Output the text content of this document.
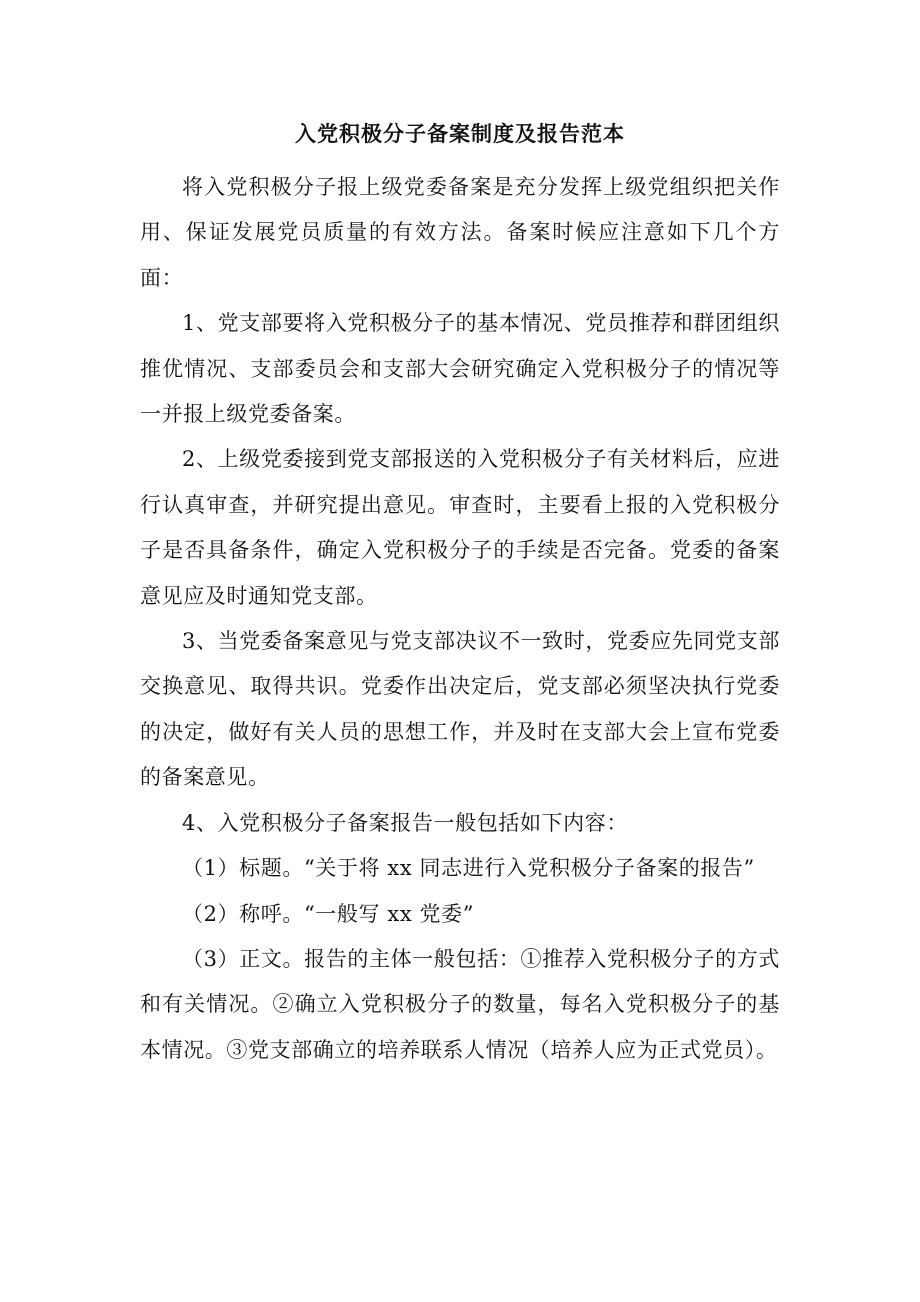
入党积极分子备案制度及报告范本

将入党积极分子报上级党委备案是充分发挥上级党组织把关作用、保证发展党员质量的有效方法。备案时候应注意如下几个方面：

1、党支部要将入党积极分子的基本情况、党员推荐和群团组织推优情况、支部委员会和支部大会研究确定入党积极分子的情况等一并报上级党委备案。

2、上级党委接到党支部报送的入党积极分子有关材料后，应进行认真审查，并研究提出意见。审查时，主要看上报的入党积极分子是否具备条件，确定入党积极分子的手续是否完备。党委的备案意见应及时通知党支部。

3、当党委备案意见与党支部决议不一致时，党委应先同党支部交换意见、取得共识。党委作出决定后，党支部必须坚决执行党委的决定，做好有关人员的思想工作，并及时在支部大会上宣布党委的备案意见。

4、入党积极分子备案报告一般包括如下内容：

（1）标题。“关于将 xx 同志进行入党积极分子备案的报告”

（2）称呼。“一般写 xx 党委”

（3）正文。报告的主体一般包括：①推荐入党积极分子的方式和有关情况。②确立入党积极分子的数量，每名入党积极分子的基本情况。③党支部确立的培养联系人情况（培养人应为正式党员）。
